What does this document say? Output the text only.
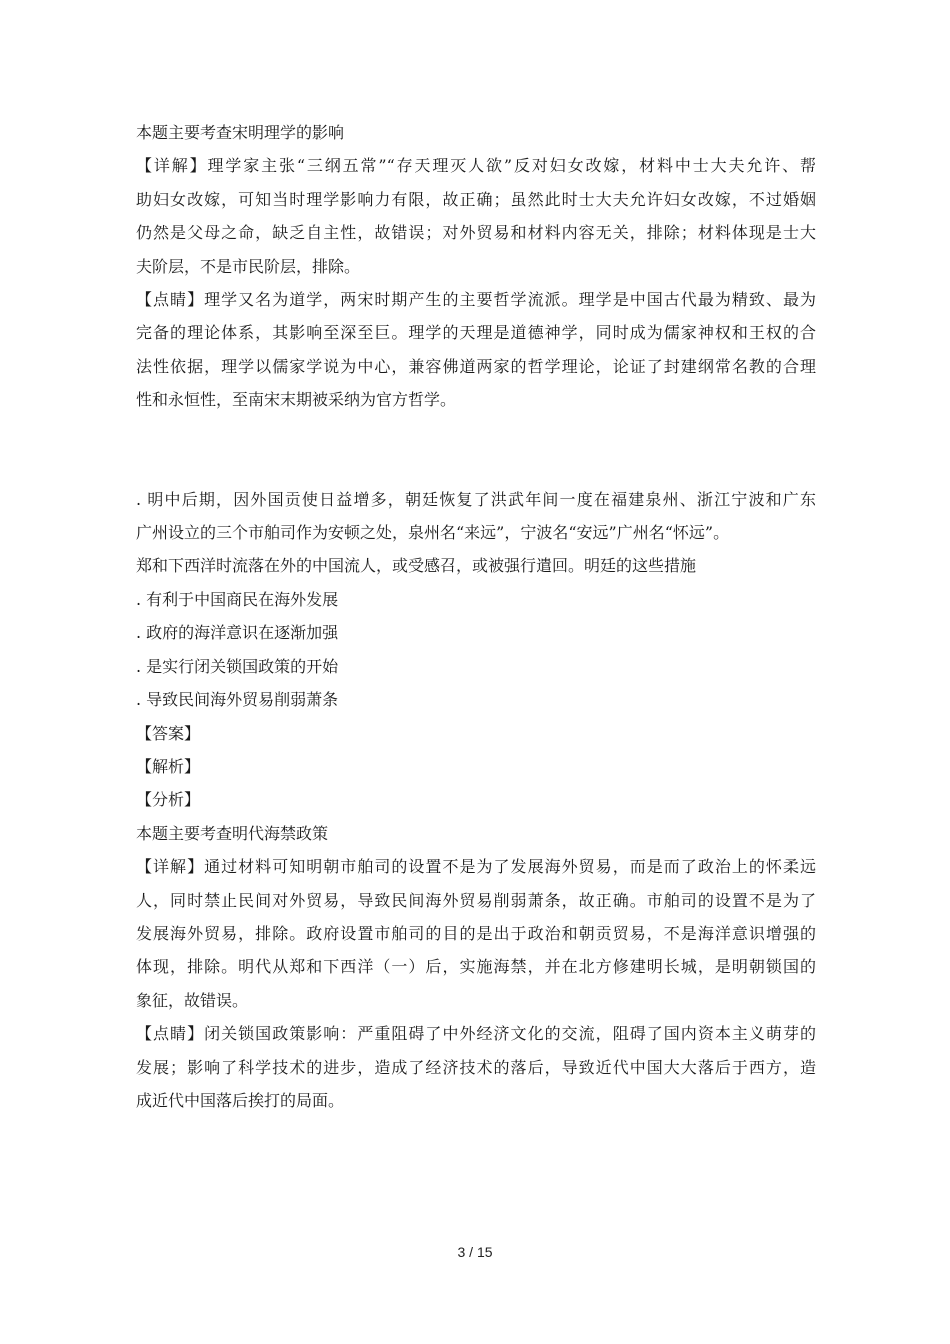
本题主要考查宋明理学的影响

【详解】理学家主张“三纲五常”“存天理灭人欲”反对妇女改嫁，材料中士大夫允许、帮

助妇女改嫁，可知当时理学影响力有限，故正确；虽然此时士大夫允许妇女改嫁，不过婚姻

仍然是父母之命，缺乏自主性，故错误；对外贸易和材料内容无关，排除；材料体现是士大

夫阶层，不是市民阶层，排除。

【点睛】理学又名为道学，两宋时期产生的主要哲学流派。理学是中国古代最为精致、最为

完备的理论体系，其影响至深至巨。理学的天理是道德神学，同时成为儒家神权和王权的合

法性依据，理学以儒家学说为中心，兼容佛道两家的哲学理论，论证了封建纲常名教的合理

性和永恒性，至南宋末期被采纳为官方哲学。

. 明中后期，因外国贡使日益增多，朝廷恢复了洪武年间一度在福建泉州、浙江宁波和广东

广州设立的三个市舶司作为安顿之处，泉州名“来远”，宁波名“安远”广州名“怀远”。

郑和下西洋时流落在外的中国流人，或受感召，或被强行遣回。明廷的这些措施

. 有利于中国商民在海外发展

. 政府的海洋意识在逐渐加强

. 是实行闭关锁国政策的开始

. 导致民间海外贸易削弱萧条

【答案】

【解析】

【分析】

本题主要考查明代海禁政策

【详解】通过材料可知明朝市舶司的设置不是为了发展海外贸易，而是而了政治上的怀柔远

人，同时禁止民间对外贸易，导致民间海外贸易削弱萧条，故正确。市舶司的设置不是为了

发展海外贸易，排除。政府设置市舶司的目的是出于政治和朝贡贸易，不是海洋意识增强的

体现，排除。明代从郑和下西洋（一）后，实施海禁，并在北方修建明长城，是明朝锁国的

象征，故错误。

【点睛】闭关锁国政策影响：严重阻碍了中外经济文化的交流，阻碍了国内资本主义萌芽的

发展；影响了科学技术的进步，造成了经济技术的落后，导致近代中国大大落后于西方，造

成近代中国落后挨打的局面。

3 / 15
